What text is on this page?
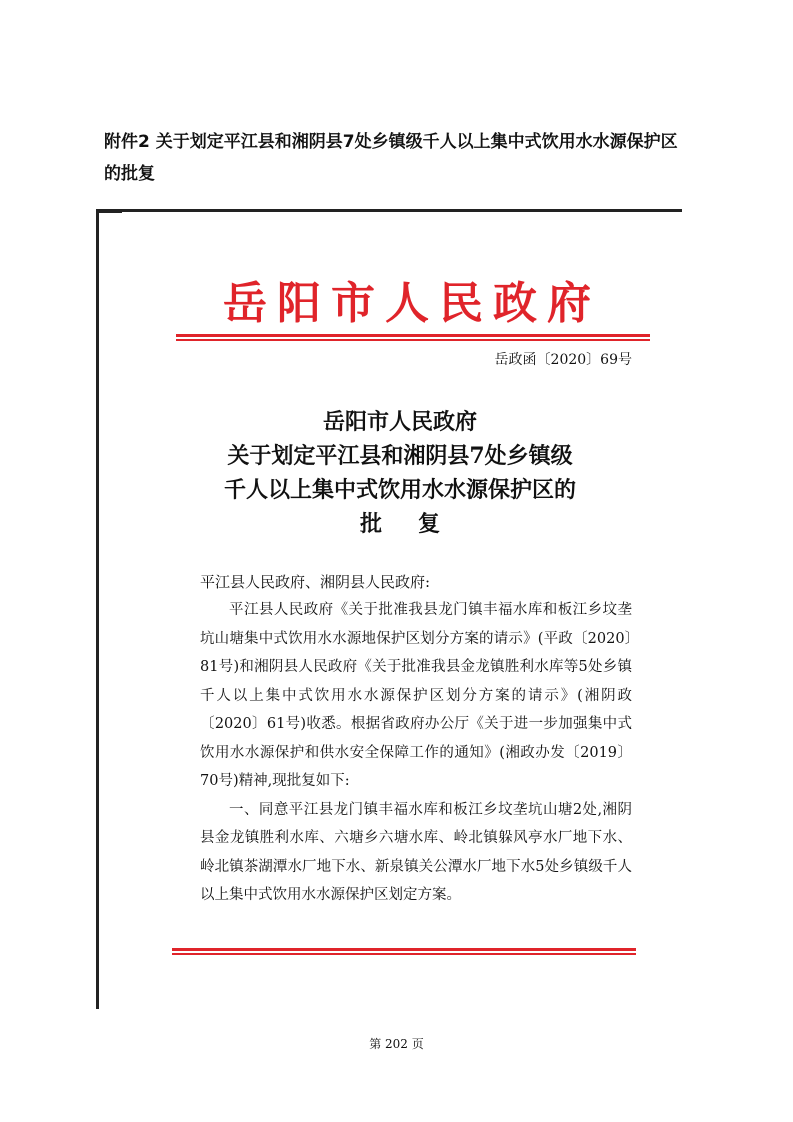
附件2 关于划定平江县和湘阴县7处乡镇级千人以上集中式饮用水水源保护区的批复
岳阳市人民政府
岳政函〔2020〕69号
岳阳市人民政府
关于划定平江县和湘阴县7处乡镇级
千人以上集中式饮用水水源保护区的
批复
平江县人民政府、湘阴县人民政府:

平江县人民政府《关于批准我县龙门镇丰福水库和板江乡坟垄坑山塘集中式饮用水水源地保护区划分方案的请示》(平政〔2020〕81号)和湘阴县人民政府《关于批准我县金龙镇胜利水库等5处乡镇千人以上集中式饮用水水源保护区划分方案的请示》(湘阴政〔2020〕61号)收悉。根据省政府办公厅《关于进一步加强集中式饮用水水源保护和供水安全保障工作的通知》(湘政办发〔2019〕70号)精神,现批复如下:

一、同意平江县龙门镇丰福水库和板江乡坟垄坑山塘2处,湘阴县金龙镇胜利水库、六塘乡六塘水库、岭北镇躲风亭水厂地下水、岭北镇茶湖潭水厂地下水、新泉镇关公潭水厂地下水5处乡镇级千人以上集中式饮用水水源保护区划定方案。

第 202 页
